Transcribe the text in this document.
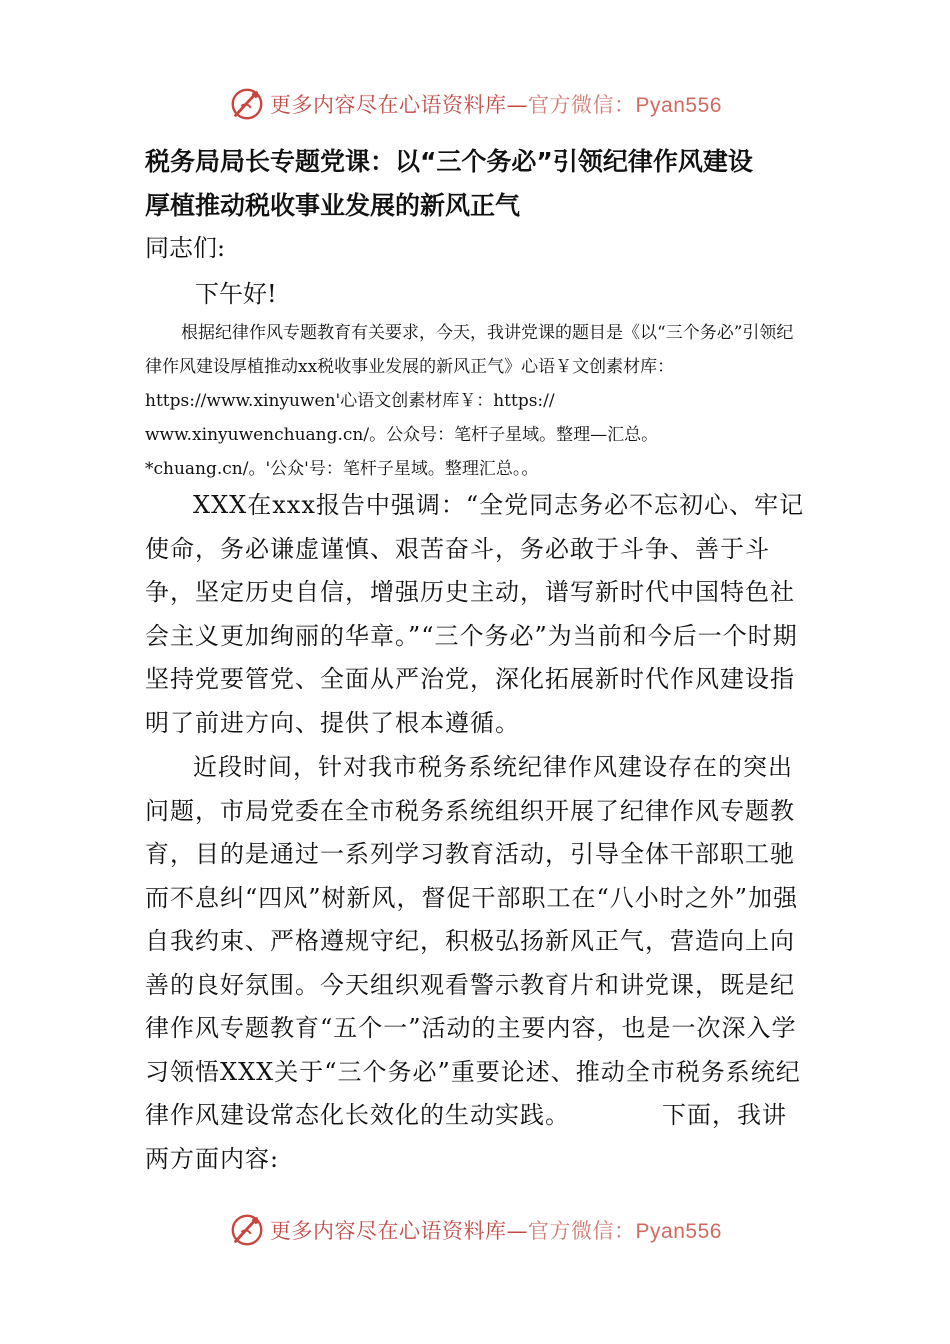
更多内容尽在心语资料库—官方微信：Pyan556
税务局局长专题党课：以“三个务必”引领纪律作风建设
厚植推动税收事业发展的新风正气
同志们:
下午好!

根据纪律作风专题教育有关要求，今天，我讲党课的题目是《以“三个务必”引领纪律作风建设厚植推动xx税收事业发展的新风正气》心语￥文创素材库：https://www.xinyuwen'心语文创素材库￥：https://

www.xinyuwenchuang.cn/。公众号：笔杆子星域。整理—汇总。

*chuang.cn/。'公众'号：笔杆子星域。整理汇总。。

XXX在xxx报告中强调：“全党同志务必不忘初心、牢记使命，务必谦虚谨慎、艰苦奋斗，务必敢于斗争、善于斗争，坚定历史自信，增强历史主动，谱写新时代中国特色社会主义更加绚丽的华章。”“三个务必”为当前和今后一个时期坚持党要管党、全面从严治党，深化拓展新时代作风建设指明了前进方向、提供了根本遵循。

近段时间，针对我市税务系统纪律作风建设存在的突出问题，市局党委在全市税务系统组织开展了纪律作风专题教育，目的是通过一系列学习教育活动，引导全体干部职工驰而不息纠“四风”树新风，督促干部职工在“八小时之外”加强自我约束、严格遵规守纪，积极弘扬新风正气，营造向上向善的良好氛围。今天组织观看警示教育片和讲党课，既是纪律作风专题教育“五个一”活动的主要内容，也是一次深入学习领悟XXX关于“三个务必”重要论述、推动全市税务系统纪律作风建设常态化长效化的生动实践。	下面，我讲两方面内容:

更多内容尽在心语资料库—官方微信：Pyan556
